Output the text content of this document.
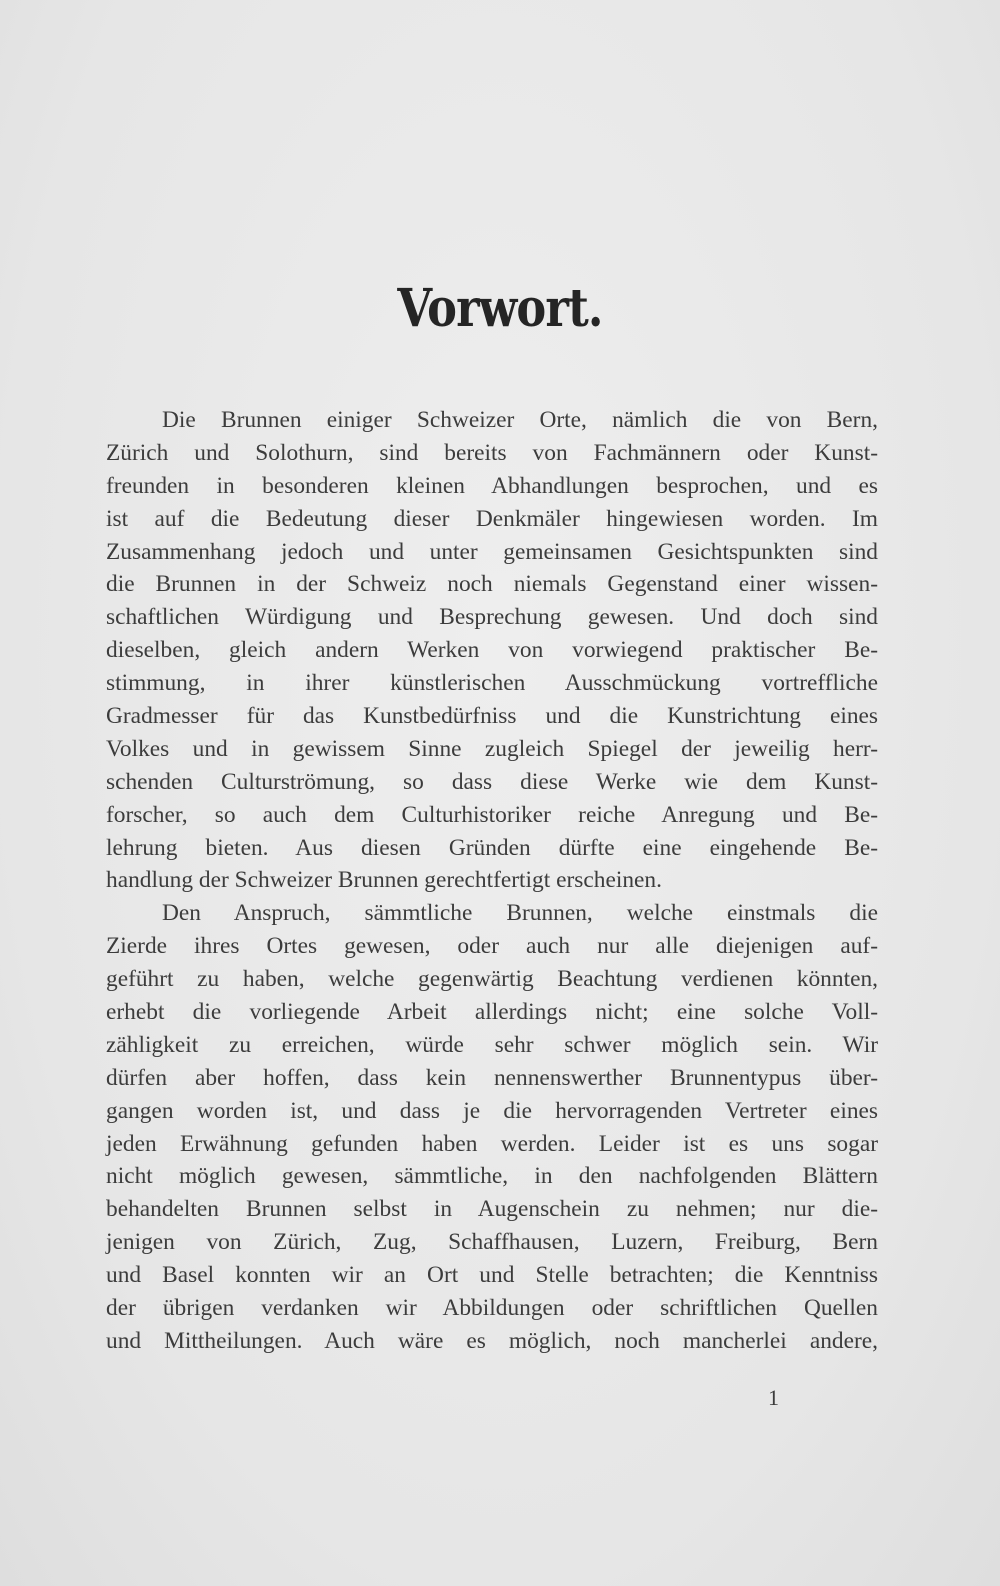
Vorwort.
Die Brunnen einiger Schweizer Orte, nämlich die von Bern,
Zürich und Solothurn, sind bereits von Fachmännern oder Kunst-
freunden in besonderen kleinen Abhandlungen besprochen, und es
ist auf die Bedeutung dieser Denkmäler hingewiesen worden. Im
Zusammenhang jedoch und unter gemeinsamen Gesichtspunkten sind
die Brunnen in der Schweiz noch niemals Gegenstand einer wissen-
schaftlichen Würdigung und Besprechung gewesen. Und doch sind
dieselben, gleich andern Werken von vorwiegend praktischer Be-
stimmung, in ihrer künstlerischen Ausschmückung vortreffliche
Gradmesser für das Kunstbedürfniss und die Kunstrichtung eines
Volkes und in gewissem Sinne zugleich Spiegel der jeweilig herr-
schenden Culturströmung, so dass diese Werke wie dem Kunst-
forscher, so auch dem Culturhistoriker reiche Anregung und Be-
lehrung bieten. Aus diesen Gründen dürfte eine eingehende Be-
handlung der Schweizer Brunnen gerechtfertigt erscheinen.
Den Anspruch, sämmtliche Brunnen, welche einstmals die
Zierde ihres Ortes gewesen, oder auch nur alle diejenigen auf-
geführt zu haben, welche gegenwärtig Beachtung verdienen könnten,
erhebt die vorliegende Arbeit allerdings nicht; eine solche Voll-
zähligkeit zu erreichen, würde sehr schwer möglich sein. Wir
dürfen aber hoffen, dass kein nennenswerther Brunnentypus über-
gangen worden ist, und dass je die hervorragenden Vertreter eines
jeden Erwähnung gefunden haben werden. Leider ist es uns sogar
nicht möglich gewesen, sämmtliche, in den nachfolgenden Blättern
behandelten Brunnen selbst in Augenschein zu nehmen; nur die-
jenigen von Zürich, Zug, Schaffhausen, Luzern, Freiburg, Bern
und Basel konnten wir an Ort und Stelle betrachten; die Kenntniss
der übrigen verdanken wir Abbildungen oder schriftlichen Quellen
und Mittheilungen. Auch wäre es möglich, noch mancherlei andere,
1
